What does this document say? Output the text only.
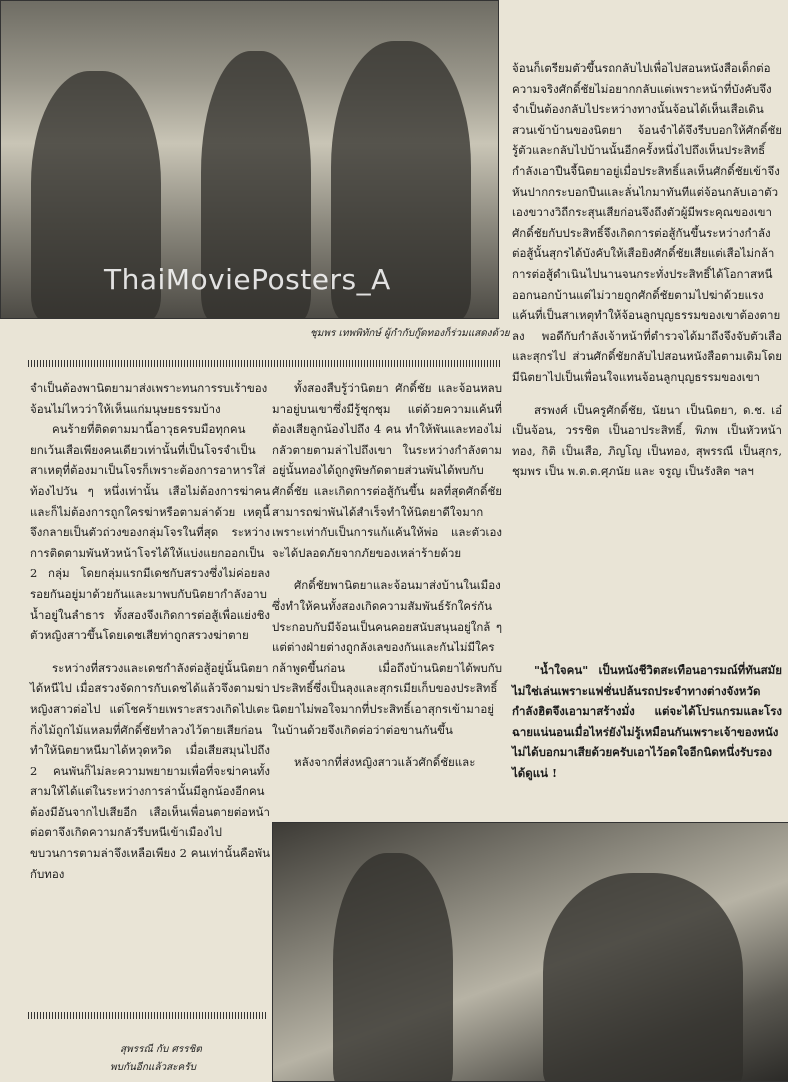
ThaiMoviePosters_A
ชุมพร เทพพิทักษ์ ผู้กำกับกู๊ดทองก็ร่วมแสดงด้วย

จ้อนก็เตรียมตัวขึ้นรถกลับไปเพื่อไปสอนหนังสือเด็กต่อ ความจริงศักดิ์ชัยไม่อยากกลับแต่เพราะหน้าที่บังคับจึงจำเป็นต้องกลับไประหว่างทางนั้นจ้อนได้เห็นเสือเดินสวนเข้าบ้านของนิตยา จ้อนจำได้จึงรีบบอกให้ศักดิ์ชัยรู้ตัวและกลับไปบ้านนั้นอีกครั้งหนึ่งไปถึงเห็นประสิทธิ์กำลังเอาปืนจี้นิตยาอยู่เมื่อประสิทธิ์แลเห็นศักดิ์ชัยเข้าจึงหันปากกระบอกปืนและลั่นไกมาทันทีแต่จ้อนกลับเอาตัวเองขวางวิถีกระสุนเสียก่อนจึงถึงตัวผู้มีพระคุณของเขา ศักดิ์ชัยกับประสิทธิ์จึงเกิดการต่อสู้กันขึ้นระหว่างกำลังต่อสู้นั้นสุกรได้บังคับให้เสือยิงศักดิ์ชัยเสียแต่เสือไม่กล้า การต่อสู้ดำเนินไปนานจนกระทั่งประสิทธิ์ได้โอกาสหนีออกนอกบ้านแต่ไม่วายถูกศักดิ์ชัยตามไปฆ่าด้วยแรงแค้นที่เป็นสาเหตุทำให้จ้อนลูกบุญธรรมของเขาต้องตายลง พอดีกับกำลังเจ้าหน้าที่ตำรวจได้มาถึงจึงจับตัวเสือและสุกรไป ส่วนศักดิ์ชัยกลับไปสอนหนังสือตามเดิมโดยมีนิตยาไปเป็นเพื่อนใจแทนจ้อนลูกบุญธรรมของเขา

สรพงศ์ เป็นครูศักดิ์ชัย, นัยนา เป็นนิตยา, ด.ช. เอ๋ เป็นจ้อน, วรรชิต เป็นอาประสิทธิ์, พิภพ เป็นหัวหน้าทอง, กิติ เป็นเสือ, ภิญโญ เป็นทอง, สุพรรณี เป็นสุกร, ชุมพร เป็น พ.ต.ต.ศุภนัย และ จรูญ เป็นรังสิต ฯลฯ

จำเป็นต้องพานิตยามาส่งเพราะทนการรบเร้าของจ้อนไม่ไหวว่าให้เห็นแก่มนุษยธรรมบ้าง

คนร้ายที่ติดตามมานี้อาวุธครบมือทุกคนยกเว้นเสือเพียงคนเดียวเท่านั้นที่เป็นโจรจำเป็น สาเหตุที่ต้องมาเป็นโจรก็เพราะต้องการอาหารใส่ท้องไปวัน ๆ หนึ่งเท่านั้น เสือไม่ต้องการฆ่าคนและก็ไม่ต้องการถูกใครฆ่าหรือตามล่าด้วย เหตุนี้จึงกลายเป็นตัวถ่วงของกลุ่มโจรในที่สุด ระหว่างการติดตามพันหัวหน้าโจรได้ให้แบ่งแยกออกเป็น 2 กลุ่ม โดยกลุ่มแรกมีเดชกับสรวงซึ่งไม่ค่อยลงรอยกันอยู่มาด้วยกันและมาพบกับนิตยากำลังอาบน้ำอยู่ในลำธาร ทั้งสองจึงเกิดการต่อสู้เพื่อแย่งชิงตัวหญิงสาวขึ้นโดยเดชเสียท่าถูกสรวงฆ่าตาย

ระหว่างที่สรวงและเดชกำลังต่อสู้อยู่นั้นนิตยาได้หนีไป เมื่อสรวงจัดการกับเดชได้แล้วจึงตามฆ่าหญิงสาวต่อไป แต่โชคร้ายเพราะสรวงเกิดไปเตะกิ่งไม้ถูกไม้แหลมที่ศักดิ์ชัยทำลวงไว้ตายเสียก่อน ทำให้นิตยาหนีมาได้หวุดหวิด เมื่อเสียสมุนไปถึง 2 คนพันก็ไม่ละความพยายามเพื่อที่จะฆ่าคนทั้งสามให้ได้แต่ในระหว่างการล่านั้นมีลูกน้องอีกคนต้องมีอันจากไปเสียอีก เสือเห็นเพื่อนตายต่อหน้าต่อตาจึงเกิดความกลัวรีบหนีเข้าเมืองไป ขบวนการตามล่าจึงเหลือเพียง 2 คนเท่านั้นคือพันกับทอง

ทั้งสองสืบรู้ว่านิตยา ศักดิ์ชัย และจ้อนหลบมาอยู่บนเขาซึ่งมีรู้ชุกชุม แต่ด้วยความแค้นที่ต้องเสียลูกน้องไปถึง 4 คน ทำให้พันและทองไม่กลัวตายตามล่าไปถึงเขา ในระหว่างกำลังตามอยู่นั้นทองได้ถูกงูพิษกัดตายส่วนพันได้พบกับศักดิ์ชัย และเกิดการต่อสู้กันขึ้น ผลที่สุดศักดิ์ชัยสามารถฆ่าพันได้สำเร็จทำให้นิตยาดีใจมาก เพราะเท่ากับเป็นการแก้แค้นให้พ่อ และตัวเองจะได้ปลอดภัยจากภัยของเหล่าร้ายด้วย

ศักดิ์ชัยพานิตยาและจ้อนมาส่งบ้านในเมือง ซึ่งทำให้คนทั้งสองเกิดความสัมพันธ์รักใคร่กัน ประกอบกับมีจ้อนเป็นคนคอยสนับสนุนอยู่ใกล้ ๆ แต่ต่างฝ่ายต่างถูกลังเลของกันและกันไม่มีใครกล้าพูดขึ้นก่อน เมื่อถึงบ้านนิตยาได้พบกับประสิทธิ์ซึ่งเป็นลุงและสุกรเมียเก็บของประสิทธิ์ นิตยาไม่พอใจมากที่ประสิทธิ์เอาสุกรเข้ามาอยู่ในบ้านด้วยจึงเกิดต่อว่าต่อขานกันขึ้น

หลังจากที่ส่งหญิงสาวแล้วศักดิ์ชัยและ

"น้ำใจคน" เป็นหนังชีวิตสะเทือนอารมณ์ที่ทันสมัยไม่ใช่เล่นเพราะแฟชั่นปล้นรถประจำทางต่างจังหวัดกำลังฮิตจึงเอามาสร้างมั่ง แต่จะได้โปรแกรมและโรงฉายแน่นอนเมื่อไหร่ยังไม่รู้เหมือนกันเพราะเจ้าของหนังไม่ได้บอกมาเสียด้วยครับเอาไว้อดใจอีกนิดหนึ่งรับรองได้ดูแน่ !

สุพรรณี กับ ศรรชิต
พบกันอีกแล้วสะครับ
